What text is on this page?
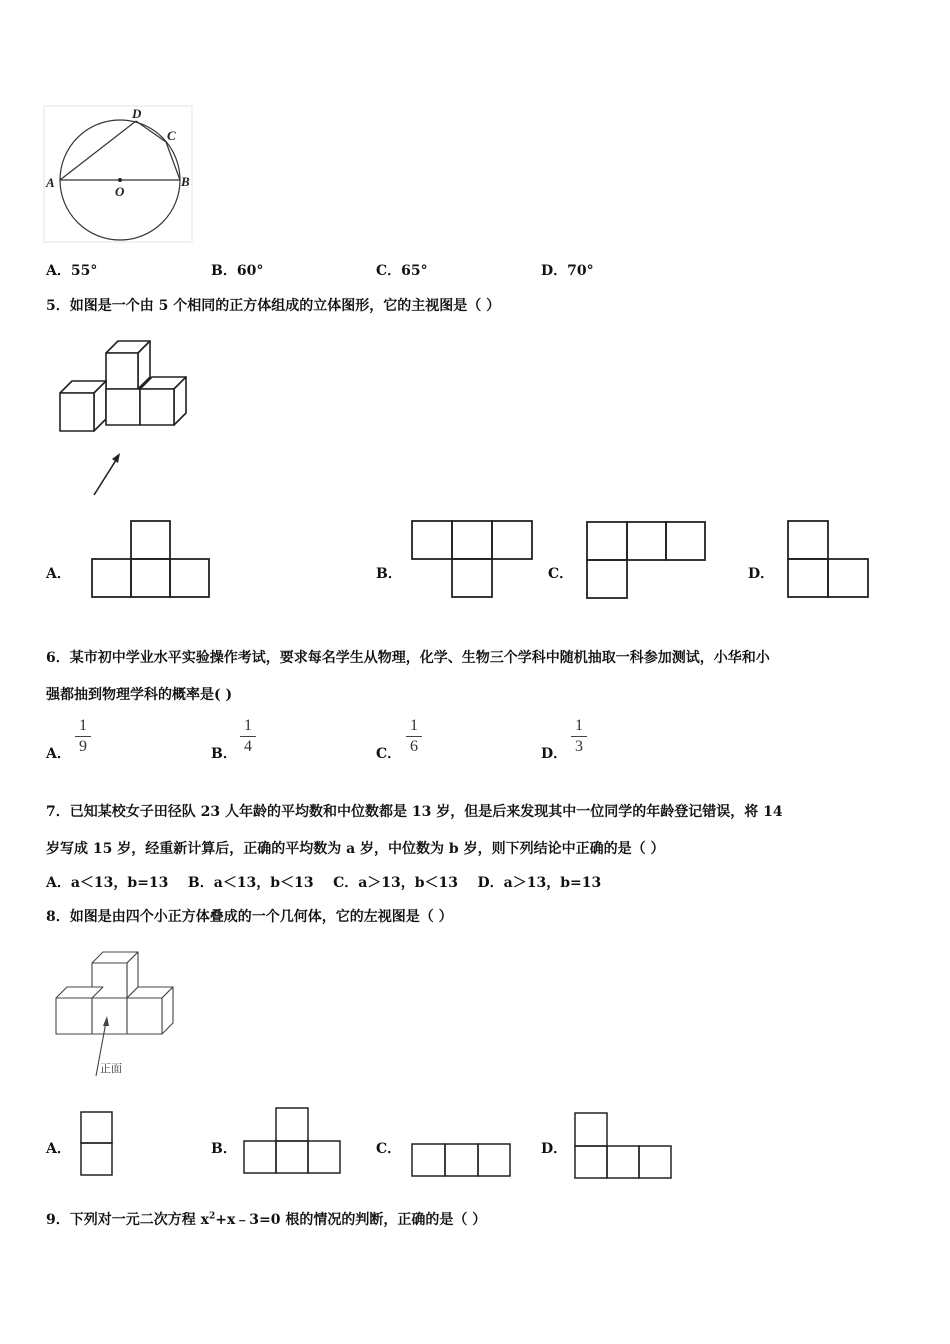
A	B
C
D
O
A．55°	B．60°	C．65°	D．70°
5．如图是一个由 5 个相同的正方体组成的立体图形，它的主视图是（ ）
A．	B．	C．	D．
6．某市初中学业水平实验操作考试，要求每名学生从物理，化学、生物三个学科中随机抽取一科参加测试，小华和小
强都抽到物理学科的概率是( )
A．
1
9	B．
1
4	C．
1
6	D．
1
3
7．已知某校女子田径队 23 人年龄的平均数和中位数都是 13 岁，但是后来发现其中一位同学的年龄登记错误，将 14
岁写成 15 岁，经重新计算后，正确的平均数为 a 岁，中位数为 b 岁，则下列结论中正确的是（ ）
A．a＜13，b=13    B．a＜13，b＜13    C．a＞13，b＜13    D．a＞13，b=13
8．如图是由四个小正方体叠成的一个几何体，它的左视图是（ ）
正面
A．	B．	C．	D．
9．下列对一元二次方程 $x^2+x﹣3=0$ 根的情况的判断，正确的是（ ）
